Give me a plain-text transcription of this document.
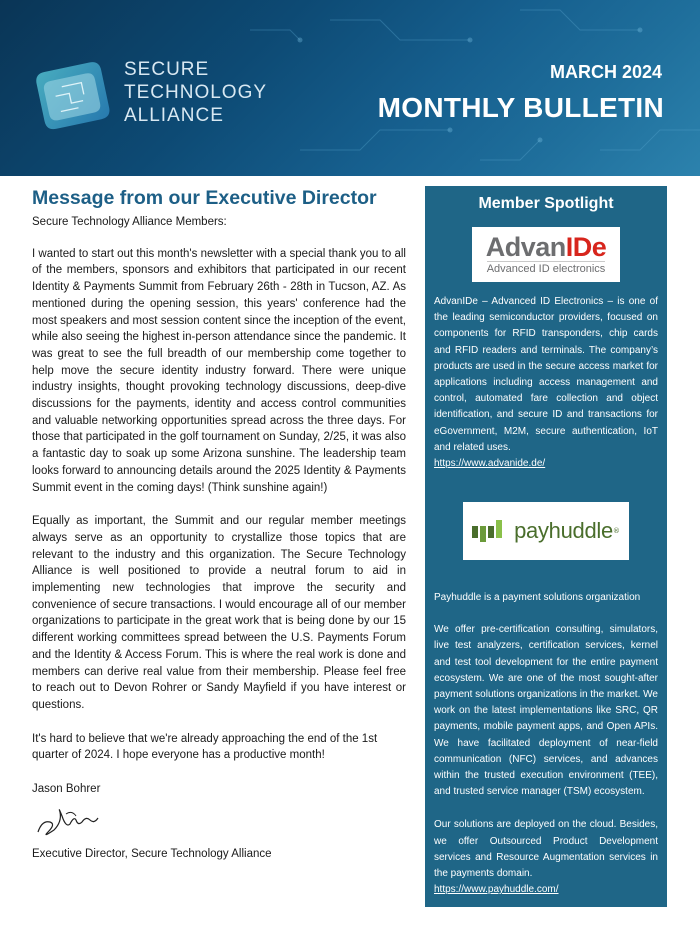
SECURE
TECHNOLOGY
ALLIANCE
MARCH 2024
MONTHLY BULLETIN
Message from our Executive Director

Secure Technology Alliance Members:

I wanted to start out this month's newsletter with a special thank you to all of the members, sponsors and exhibitors that participated in our recent Identity & Payments Summit from February 26th - 28th in Tucson, AZ. As mentioned during the opening session, this years' conference had the most speakers and most session content since the inception of the event, while also seeing the highest in-person attendance since the pandemic. It was great to see the full breadth of our membership come together to help move the secure identity industry forward. There were unique industry insights, thought provoking technology discussions, deep-dive discussions for the payments, identity and access control communities and valuable networking opportunities spread across the three days. For those that participated in the golf tournament on Sunday, 2/25, it was also a fantastic day to soak up some Arizona sunshine. The leadership team looks forward to announcing details around the 2025 Identity & Payments Summit event in the coming days! (Think sunshine again!)

Equally as important, the Summit and our regular member meetings always serve as an opportunity to crystallize those topics that are relevant to the industry and this organization. The Secure Technology Alliance is well positioned to provide a neutral forum to aid in implementing new technologies that improve the security and convenience of secure transactions. I would encourage all of our member organizations to participate in the great work that is being done by our 15 different working committees spread between the U.S. Payments Forum and the Identity & Access Forum. This is where the real work is done and members can derive real value from their membership. Please feel free to reach out to Devon Rohrer or Sandy Mayfield if you have interest or questions.

It's hard to believe that we're already approaching the end of the 1st quarter of 2024. I hope everyone has a productive month!

Jason Bohrer

Executive Director, Secure Technology Alliance

Member Spotlight
AdvanIDe
Advanced ID electronics

AdvanIDe – Advanced ID Electronics – is one of the leading semiconductor providers, focused on components for RFID transponders, chip cards and RFID readers and terminals. The company’s products are used in the secure access market for applications including access management and control, automated fare collection and object identification, and secure ID and transactions for eGovernment, M2M, secure authentication, IoT and related uses.

https://www.advanide.de/
payhuddle ®

Payhuddle is a payment solutions organization

We offer pre-certification consulting, simulators, live test analyzers, certification services, kernel and test tool development for the entire payment ecosystem. We are one of the most sought-after payment solutions organizations in the market. We work on the latest implementations like SRC, QR payments, mobile payment apps, and Open APIs. We have facilitated deployment of near-field communication (NFC) services, and advances within the trusted execution environment (TEE), and trusted service manager (TSM) ecosystem.

Our solutions are deployed on the cloud. Besides, we offer Outsourced Product Development services and Resource Augmentation services in the payments domain.

https://www.payhuddle.com/
